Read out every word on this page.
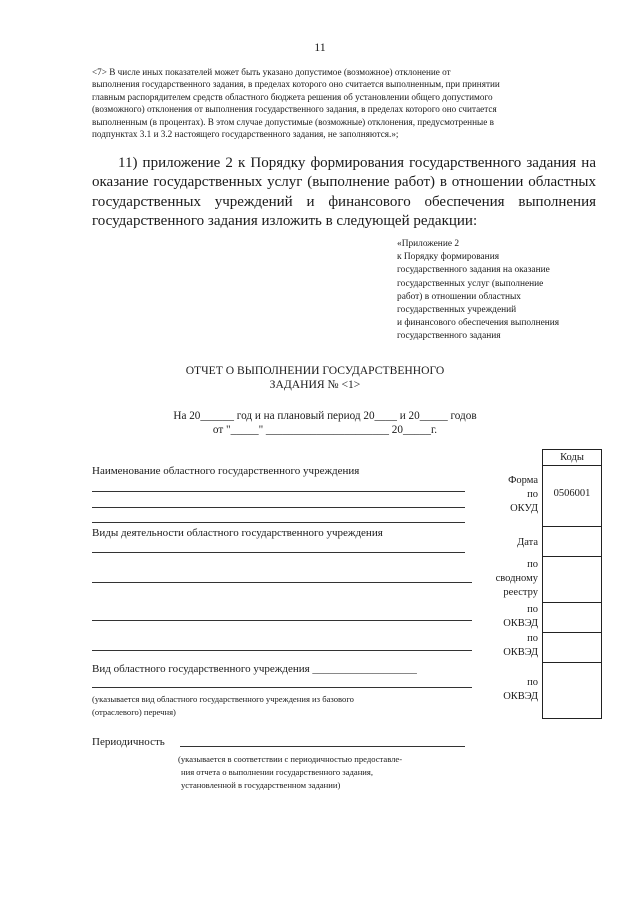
11
<7> В числе иных показателей может быть указано допустимое (возможное) отклонение от
выполнения государственного задания, в пределах которого оно считается выполненным, при принятии
главным распорядителем средств областного бюджета решения об установлении общего допустимого
(возможного) отклонения от выполнения государственного задания, в пределах которого оно считается
выполненным (в процентах). В этом случае допустимые (возможные) отклонения, предусмотренные в
подпунктах 3.1 и 3.2 настоящего государственного задания, не заполняются.»;
11) приложение 2 к Порядку формирования государственного задания на
оказание государственных услуг (выполнение работ) в отношении областных
государственных учреждений и финансового обеспечения выполнения
государственного задания изложить в следующей редакции:
«Приложение 2
к Порядку формирования
государственного задания на оказание
государственных услуг (выполнение
работ) в отношении областных
государственных учреждений
и финансового обеспечения выполнения
государственного задания
ОТЧЕТ О ВЫПОЛНЕНИИ ГОСУДАРСТВЕННОГО
ЗАДАНИЯ № <1>
На 20______ год и на плановый период 20____ и 20_____ годов
от "_____" ______________________ 20_____г.
Наименование областного государственного учреждения
Виды деятельности областного государственного учреждения
Вид областного государственного учреждения ___________________
(указывается вид областного государственного учреждения из базового
(отраслевого) перечня)
Периодичность
(указывается в соответствии с периодичностью предоставле-
ния отчета о выполнении государственного задания,
установленной в государственном задании)
Форма
по
ОКУД
Дата
по
сводному
реестру
по
ОКВЭД
по
ОКВЭД
по
ОКВЭД
Коды
0506001
